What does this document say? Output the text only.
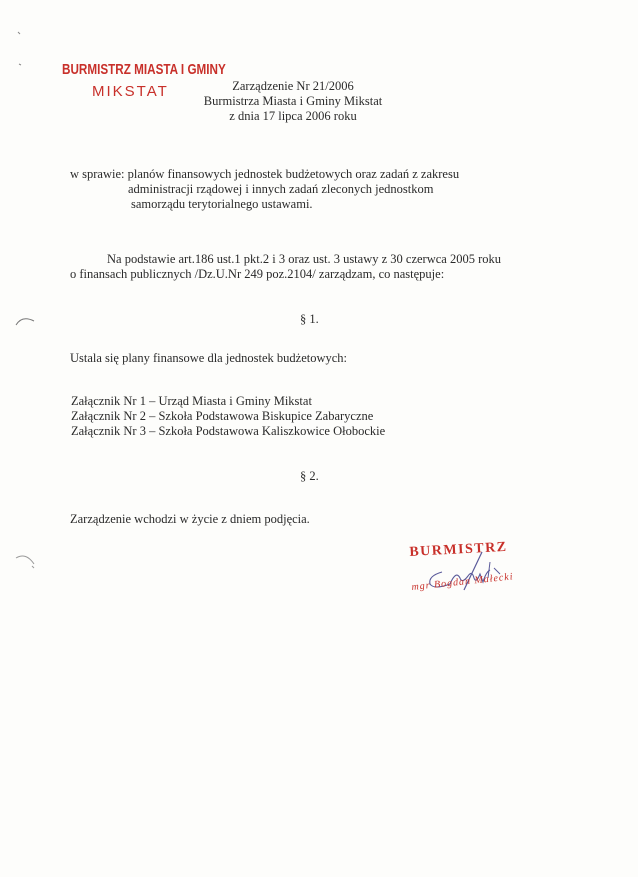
BURMISTRZ MIASTA I GMINY
MIKSTAT	Zarządzenie Nr 21/2006
Burmistrza Miasta i Gminy Mikstat
z dnia 17 lipca 2006 roku
w sprawie: planów finansowych jednostek budżetowych oraz zadań z zakresu
administracji rządowej i innych zadań zleconych jednostkom
samorządu terytorialnego ustawami.
Na podstawie art.186 ust.1 pkt.2 i 3 oraz ust. 3 ustawy z 30 czerwca 2005 roku
o finansach publicznych /Dz.U.Nr 249 poz.2104/ zarządzam, co następuje:
§ 1.
Ustala się plany finansowe dla jednostek budżetowych:
Załącznik Nr 1 – Urząd Miasta i Gminy Mikstat
Załącznik Nr 2 – Szkoła Podstawowa Biskupice Zabaryczne
Załącznik Nr 3 – Szkoła Podstawowa Kaliszkowice Ołobockie
§ 2.
Zarządzenie wchodzi w życie z dniem podjęcia.
BURMISTRZ
mgr Bogdan Małecki
